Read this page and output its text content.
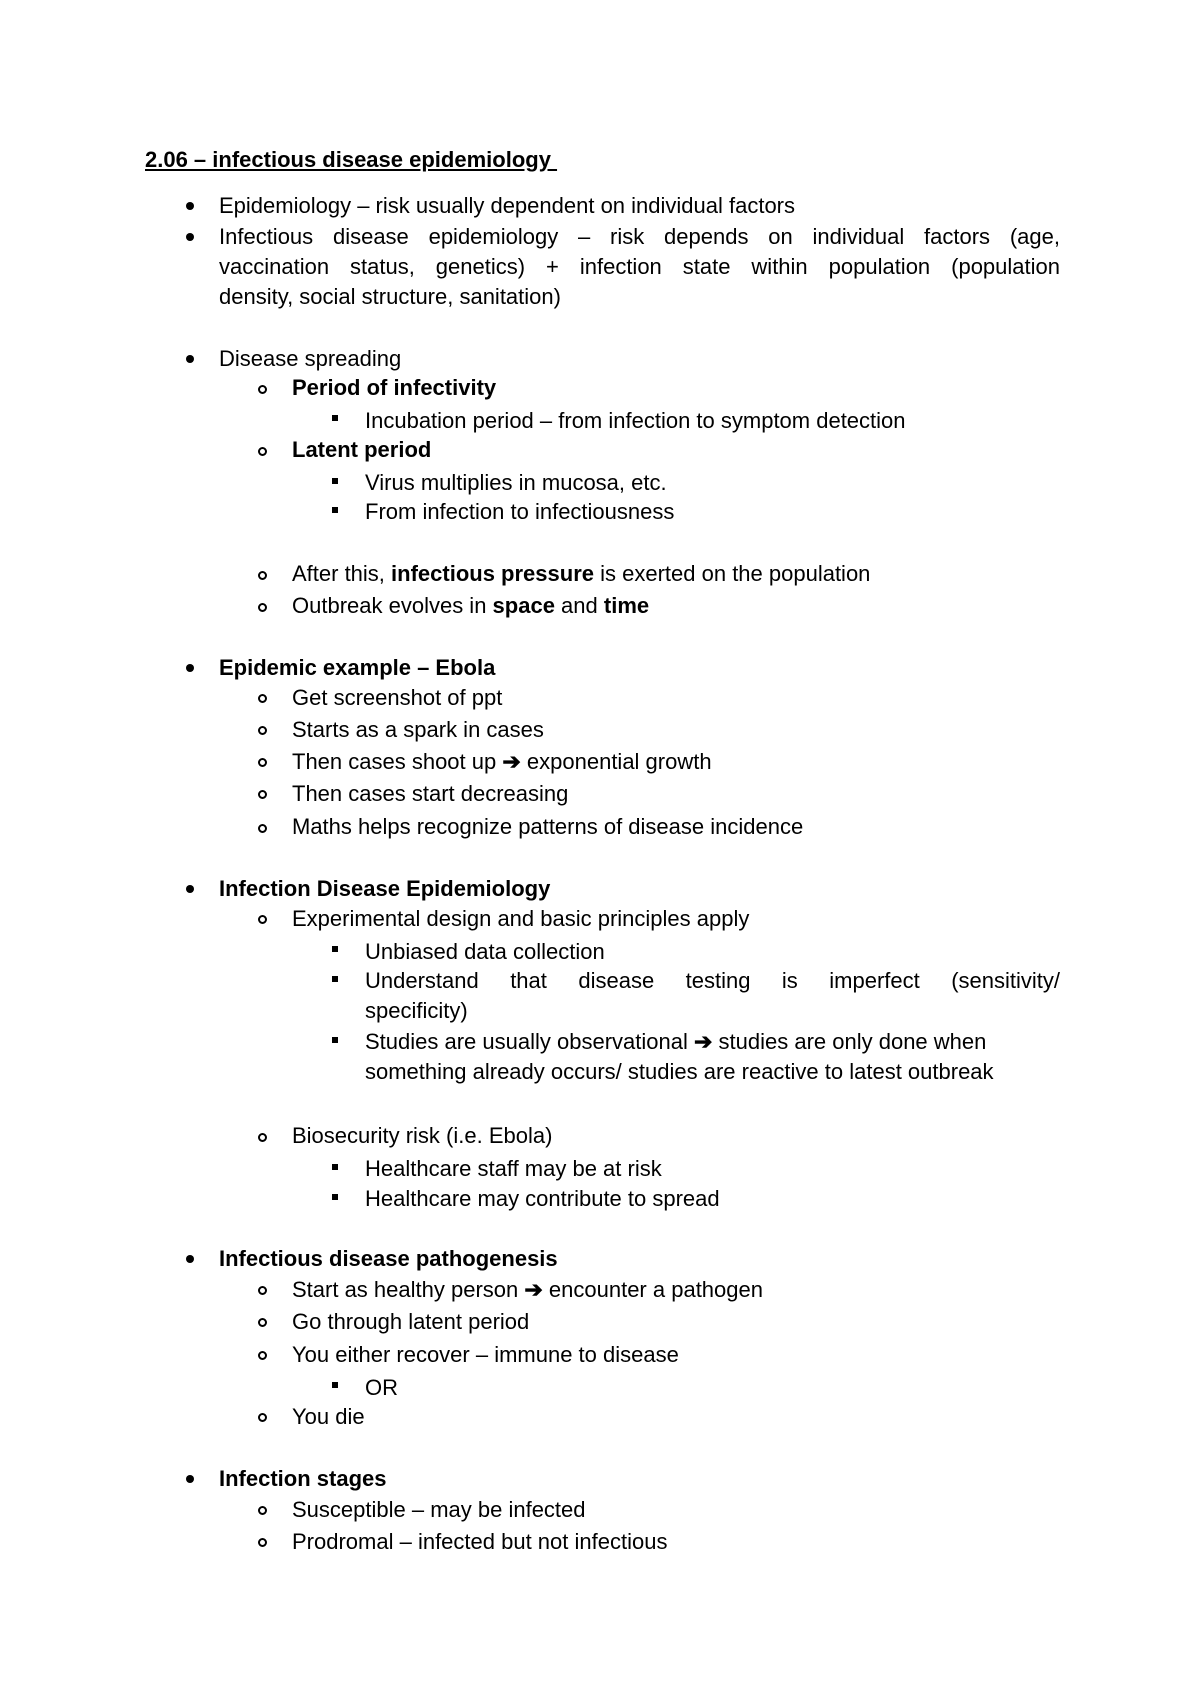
2.06 – infectious disease epidemiology
Epidemiology – risk usually dependent on individual factors
Infectious disease epidemiology – risk depends on individual factors (age,
vaccination status, genetics) + infection state within population (population
density, social structure, sanitation)
Disease spreading
Period of infectivity
Incubation period – from infection to symptom detection
Latent period
Virus multiplies in mucosa, etc.
From infection to infectiousness
After this, infectious pressure is exerted on the population
Outbreak evolves in space and time
Epidemic example – Ebola
Get screenshot of ppt
Starts as a spark in cases
Then cases shoot up ➔ exponential growth
Then cases start decreasing
Maths helps recognize patterns of disease incidence
Infection Disease Epidemiology
Experimental design and basic principles apply
Unbiased data collection
Understand that disease testing is imperfect (sensitivity/
specificity)
Studies are usually observational ➔ studies are only done when
something already occurs/ studies are reactive to latest outbreak
Biosecurity risk (i.e. Ebola)
Healthcare staff may be at risk
Healthcare may contribute to spread
Infectious disease pathogenesis
Start as healthy person ➔ encounter a pathogen
Go through latent period
You either recover – immune to disease
OR
You die
Infection stages
Susceptible – may be infected
Prodromal – infected but not infectious
